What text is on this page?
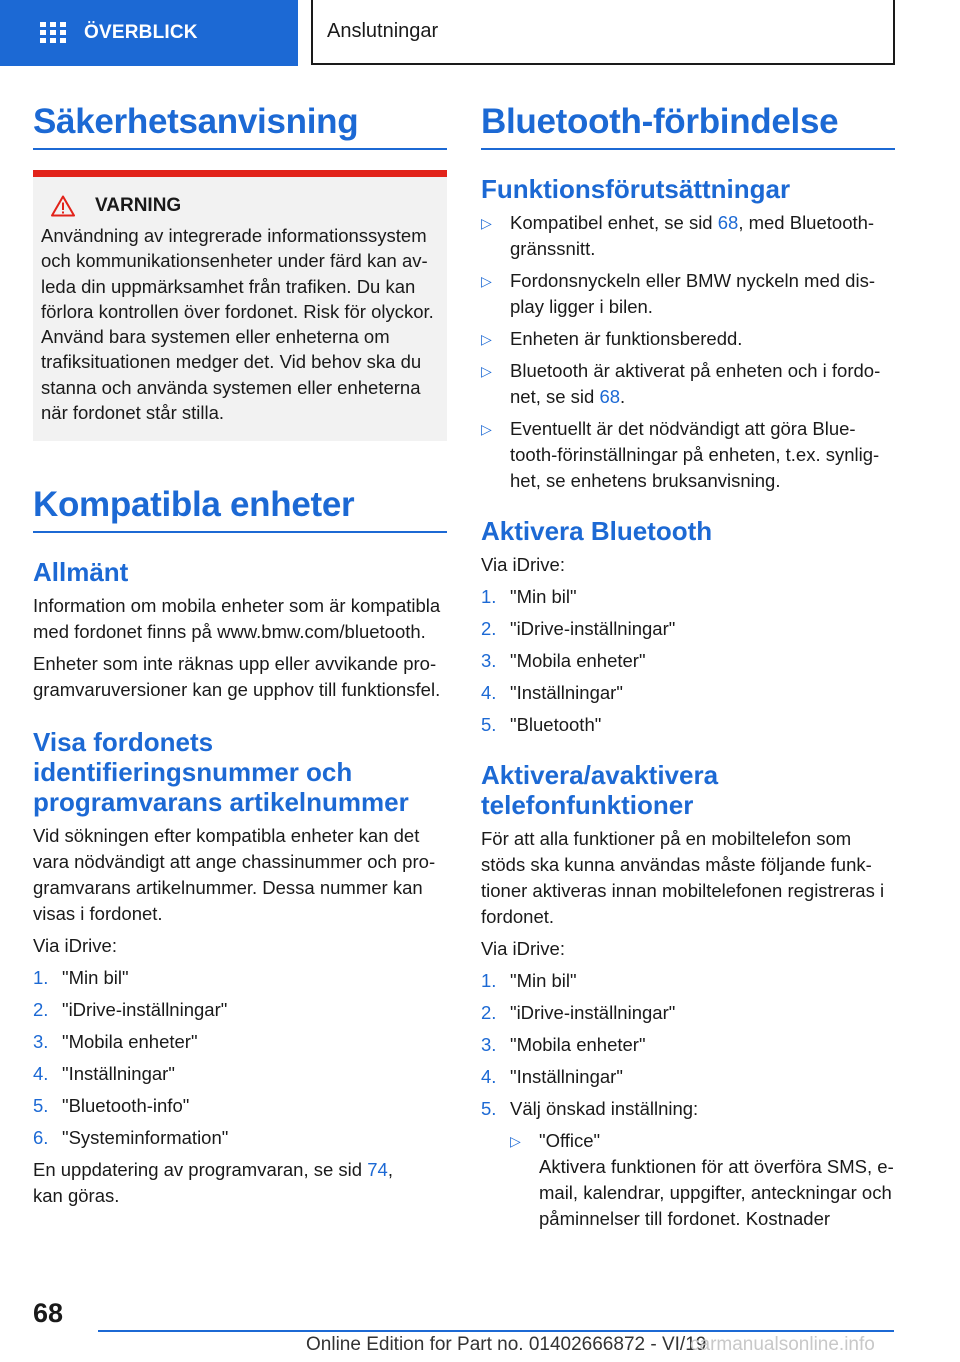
ÖVERBLICK	Anslutningar
Säkerhetsanvisning
VARNING

Användning av integrerade informationssystem och kommunikationsenheter under färd kan avleda din uppmärksamhet från trafiken. Du kan förlora kontrollen över fordonet. Risk för olyckor. Använd bara systemen eller enheterna om trafiksituationen medger det. Vid behov ska du stanna och använda systemen eller enheterna när fordonet står stilla.

Kompatibla enheter
Allmänt

Information om mobila enheter som är kompatibla med fordonet finns på www.bmw.com/bluetooth.

Enheter som inte räknas upp eller avvikande programvaruversioner kan ge upphov till funktionsfel.

Visa fordonets identifieringsnummer och programvarans artikelnummer

Vid sökningen efter kompatibla enheter kan det vara nödvändigt att ange chassinummer och programvarans artikelnummer. Dessa nummer kan visas i fordonet.

Via iDrive:

1. "Min bil"
2. "iDrive-inställningar"
3. "Mobila enheter"
4. "Inställningar"
5. "Bluetooth-info"
6. "Systeminformation"

En uppdatering av programvaran, se sid 74,
kan göras.

Bluetooth-förbindelse
Funktionsförutsättningar
▷ Kompatibel enhet, se sid 68, med Bluetooth-gränssnitt.
▷ Fordonsnyckeln eller BMW nyckeln med display ligger i bilen.
▷ Enheten är funktionsberedd.
▷ Bluetooth är aktiverat på enheten och i fordonet, se sid 68.
▷ Eventuellt är det nödvändigt att göra Bluetooth-förinställningar på enheten, t.ex. synlighet, se enhetens bruksanvisning.
Aktivera Bluetooth

Via iDrive:

1. "Min bil"
2. "iDrive-inställningar"
3. "Mobila enheter"
4. "Inställningar"
5. "Bluetooth"
Aktivera/avaktivera telefonfunktioner

För att alla funktioner på en mobiltelefon som stöds ska kunna användas måste följande funktioner aktiveras innan mobiltelefonen registreras i fordonet.

Via iDrive:

1. "Min bil"
2. "iDrive-inställningar"
3. "Mobila enheter"
4. "Inställningar"
5. Välj önskad inställning:
▷ "Office"
Aktivera funktionen för att överföra SMS, e-mail, kalendrar, uppgifter, anteckningar och påminnelser till fordonet. Kostnader
68
Online Edition for Part no. 01402666872 - VI/19
carmanualsonline.info
